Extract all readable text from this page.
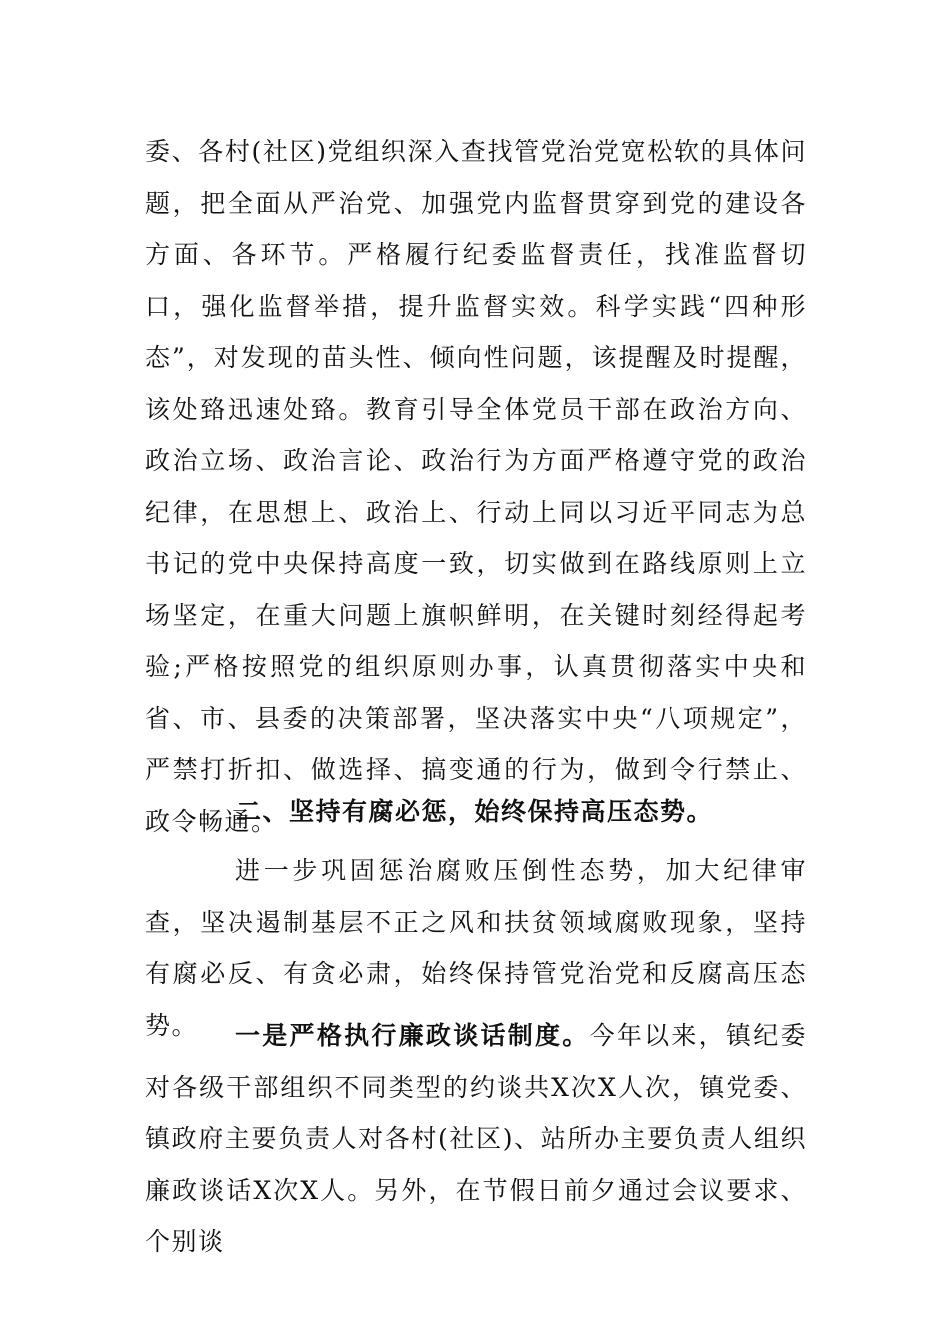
委、各村(社区)党组织深入查找管党治党宽松软的具体问题，把全面从严治党、加强党内监督贯穿到党的建设各方面、各环节。严格履行纪委监督责任，找准监督切口，强化监督举措，提升监督实效。科学实践“四种形态”，对发现的苗头性、倾向性问题，该提醒及时提醒，该处臵迅速处臵。教育引导全体党员干部在政治方向、政治立场、政治言论、政治行为方面严格遵守党的政治纪律，在思想上、政治上、行动上同以习近平同志为总书记的党中央保持高度一致，切实做到在路线原则上立场坚定，在重大问题上旗帜鲜明，在关键时刻经得起考验;严格按照党的组织原则办事，认真贯彻落实中央和省、市、县委的决策部署，坚决落实中央“八项规定”，严禁打折扣、做选择、搞变通的行为，做到令行禁止、政令畅通。

二、坚持有腐必惩，始终保持高压态势。

进一步巩固惩治腐败压倒性态势，加大纪律审查，坚决遏制基层不正之风和扶贫领域腐败现象，坚持有腐必反、有贪必肃，始终保持管党治党和反腐高压态势。	一是严格执行廉政谈话制度。今年以来，镇纪委对各级干部组织不同类型的约谈共X次X人次，镇党委、镇政府主要负责人对各村(社区)、站所办主要负责人组织廉政谈话X次X人。另外，在节假日前夕通过会议要求、个别谈
